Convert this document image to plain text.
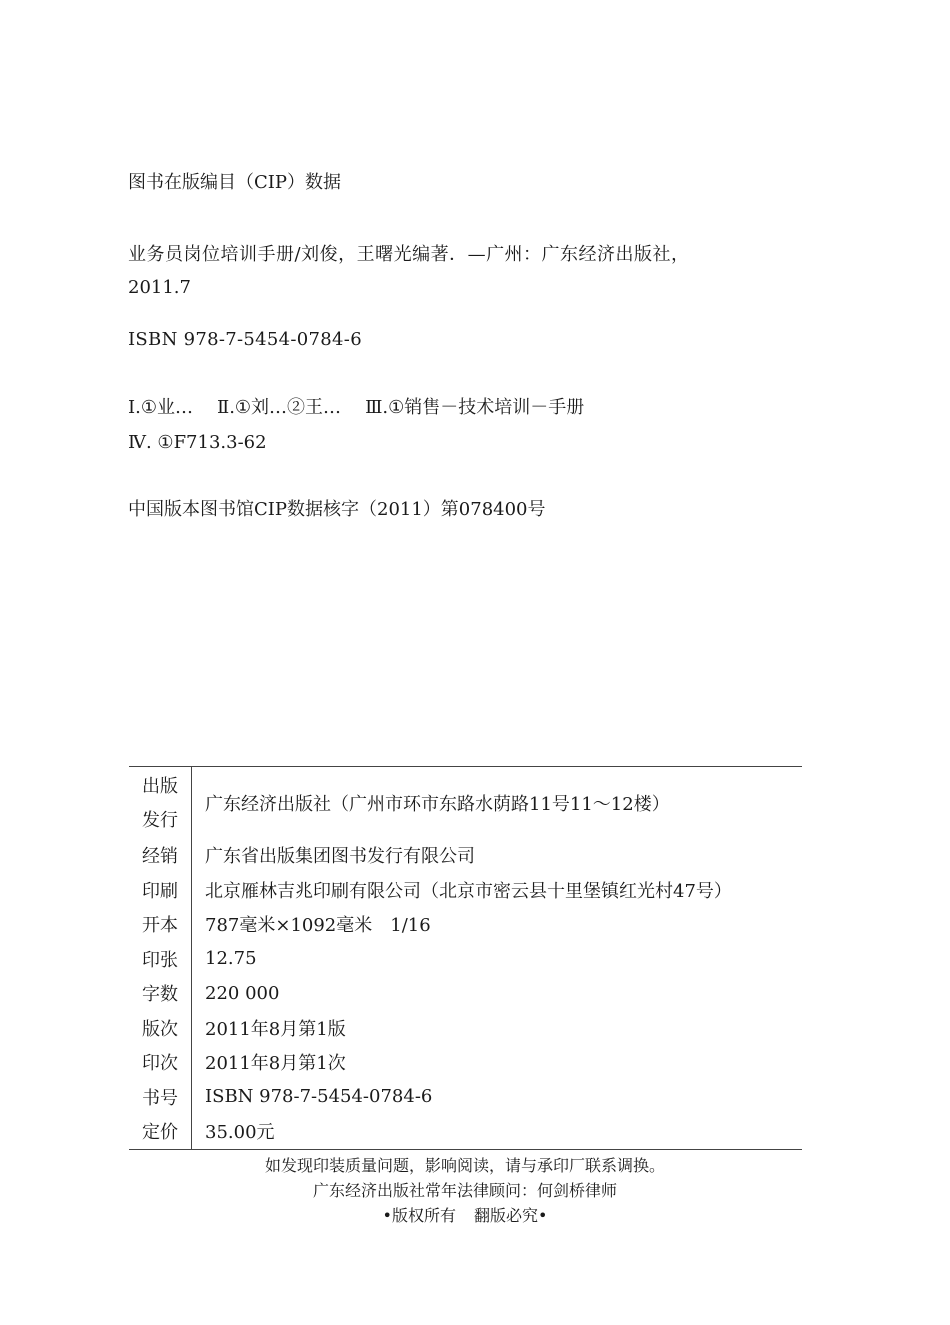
图书在版编目（CIP）数据
业务员岗位培训手册/刘俊，王曙光编著．—广州：广东经济出版社，
2011.7
ISBN 978-7-5454-0784-6
Ⅰ.①业… Ⅱ.①刘…②王… Ⅲ.①销售－技术培训－手册
Ⅳ. ①F713.3-62
中国版本图书馆CIP数据核字（2011）第078400号
出版
发行	广东经济出版社（广州市环市东路水荫路11号11～12楼）
经销	广东省出版集团图书发行有限公司
印刷	北京雁林吉兆印刷有限公司（北京市密云县十里堡镇红光村47号）
开本	787毫米×1092毫米　1/16
印张	12.75
字数	220 000
版次	2011年8月第1版
印次	2011年8月第1次
书号	ISBN 978-7-5454-0784-6
定价	35.00元
如发现印装质量问题，影响阅读，请与承印厂联系调换。
广东经济出版社常年法律顾问：何剑桥律师
•版权所有 翻版必究•
